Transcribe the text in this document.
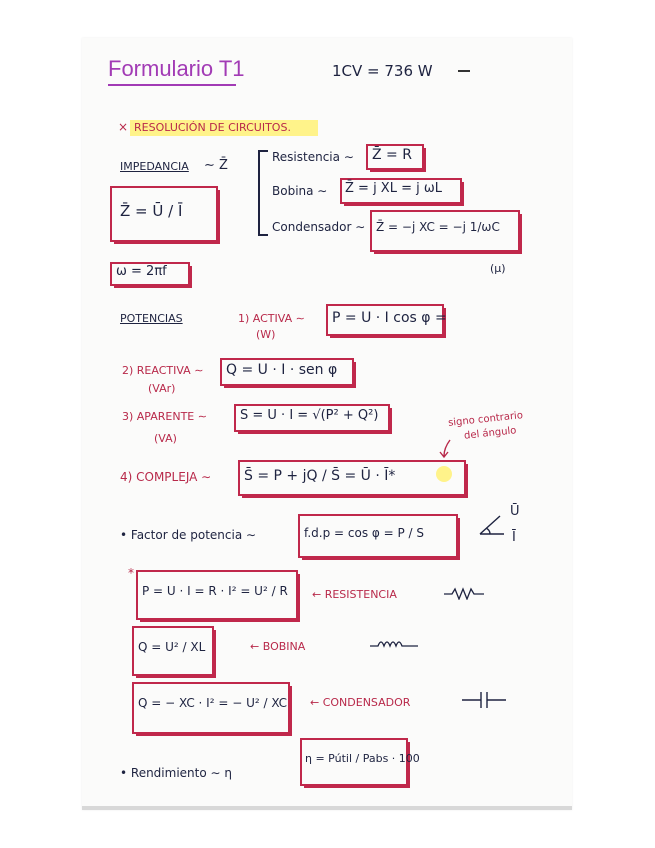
Formulario T1	1CV = 736 W
× RESOLUCIÓN DE CIRCUITOS.
IMPEDANCIA ∼ Z̄
Z̄ = Ū / Ī
Resistencia ∼ Z̄ = R
Bobina ∼ Z̄ = j XL = j ωL
Condensador ∼ Z̄ = −j XC = −j 1/ωC
(μ)
ω = 2πf
POTENCIAS	1) ACTIVA ∼
(W)
P = U · I cos φ =
2) REACTIVA ∼
(VAr)
Q = U · I · sen φ
3) APARENTE ∼
(VA)
S = U · I = √(P² + Q²)	signo contrario
del ángulo
4) COMPLEJA ∼ S̄ = P + jQ / S̄ = Ū · Ī*
• Factor de potencia ∼	f.d.p = cos φ = P / S
Ū
Ī
*
P = U · I = R · I² = U² / R ← RESISTENCIA
Q = U² / XL	← BOBINA
Q = − XC · I² = − U² / XC ← CONDENSADOR
• Rendimiento ∼ η
η = Pútil / Pabs · 100
